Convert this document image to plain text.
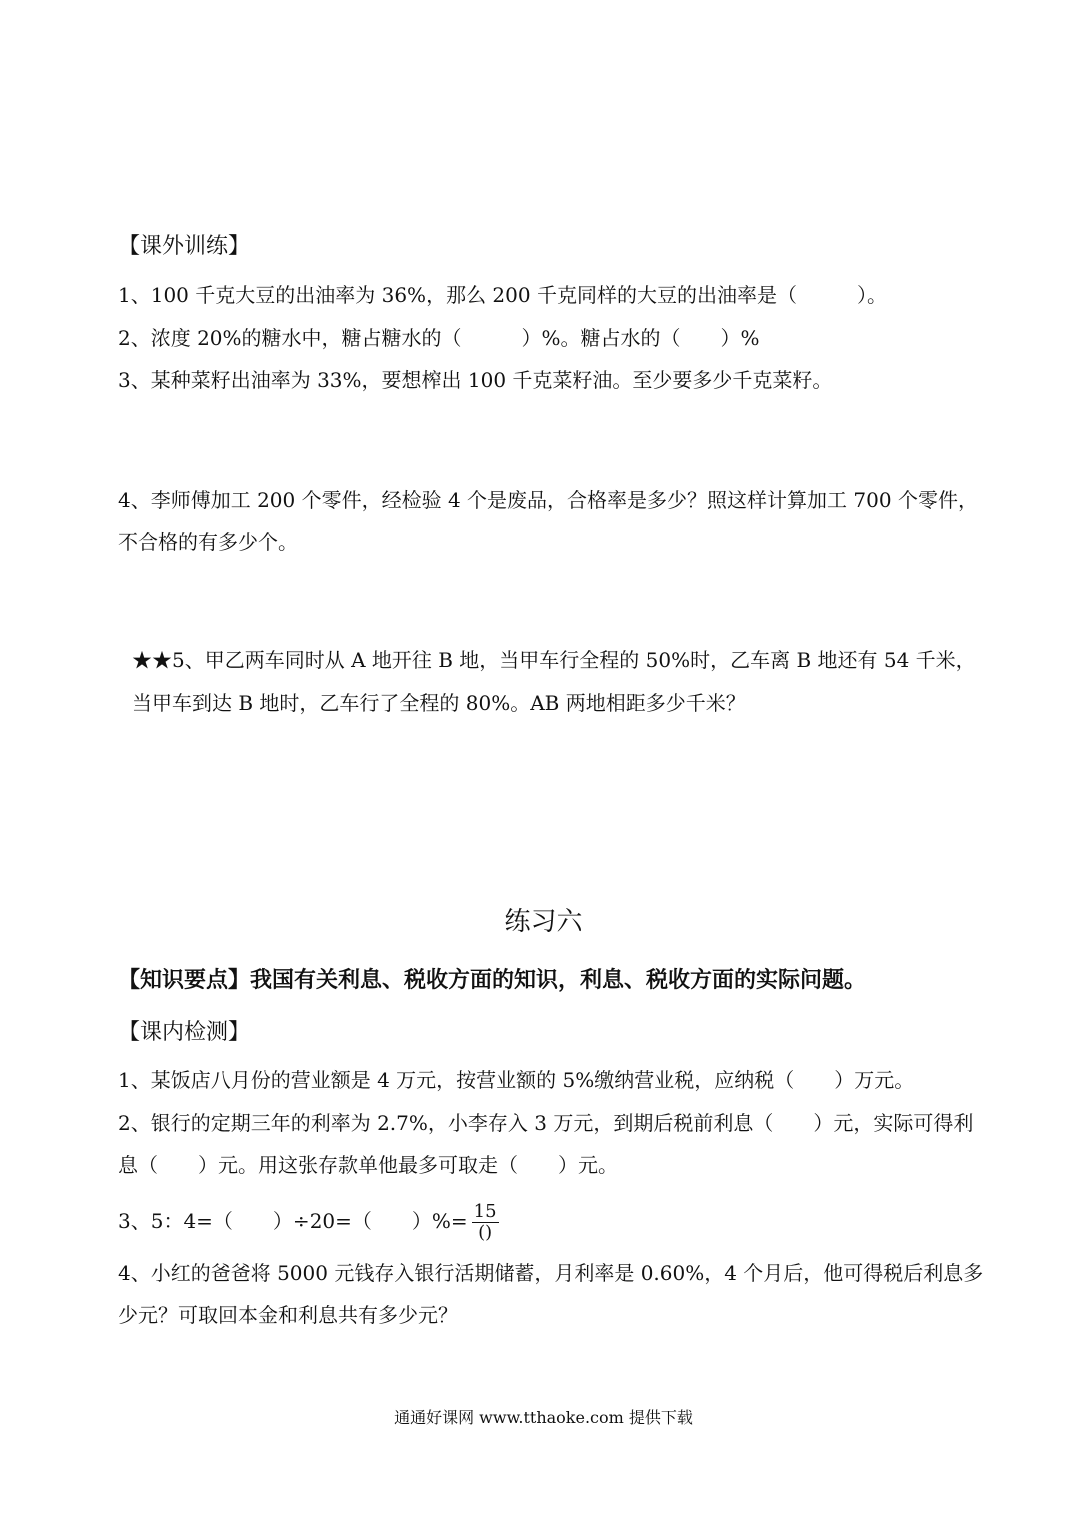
【课外训练】
1、100 千克大豆的出油率为 36%，那么 200 千克同样的大豆的出油率是（　　　）。
2、浓度 20%的糖水中，糖占糖水的（　　　）%。糖占水的（　　）%
3、某种菜籽出油率为 33%，要想榨出 100 千克菜籽油。至少要多少千克菜籽。
4、李师傅加工 200 个零件，经检验 4 个是废品，合格率是多少？照这样计算加工 700 个零件，
不合格的有多少个。
★★5、甲乙两车同时从 A 地开往 B 地，当甲车行全程的 50%时，乙车离 B 地还有 54 千米，
当甲车到达 B 地时，乙车行了全程的 80%。AB 两地相距多少千米？
练习六
【知识要点】我国有关利息、税收方面的知识，利息、税收方面的实际问题。
【课内检测】
1、某饭店八月份的营业额是 4 万元，按营业额的 5%缴纳营业税，应纳税（　　）万元。
2、银行的定期三年的利率为 2.7%，小李存入 3 万元，到期后税前利息（　　）元，实际可得利
息（　　）元。用这张存款单他最多可取走（　　）元。
3、5：4=（　　）÷20=（　　）%= $\frac{15}{()}$
4、小红的爸爸将 5000 元钱存入银行活期储蓄，月利率是 0.60%，4 个月后，他可得税后利息多
少元？可取回本金和利息共有多少元？
通通好课网 www.tthaoke.com 提供下载
